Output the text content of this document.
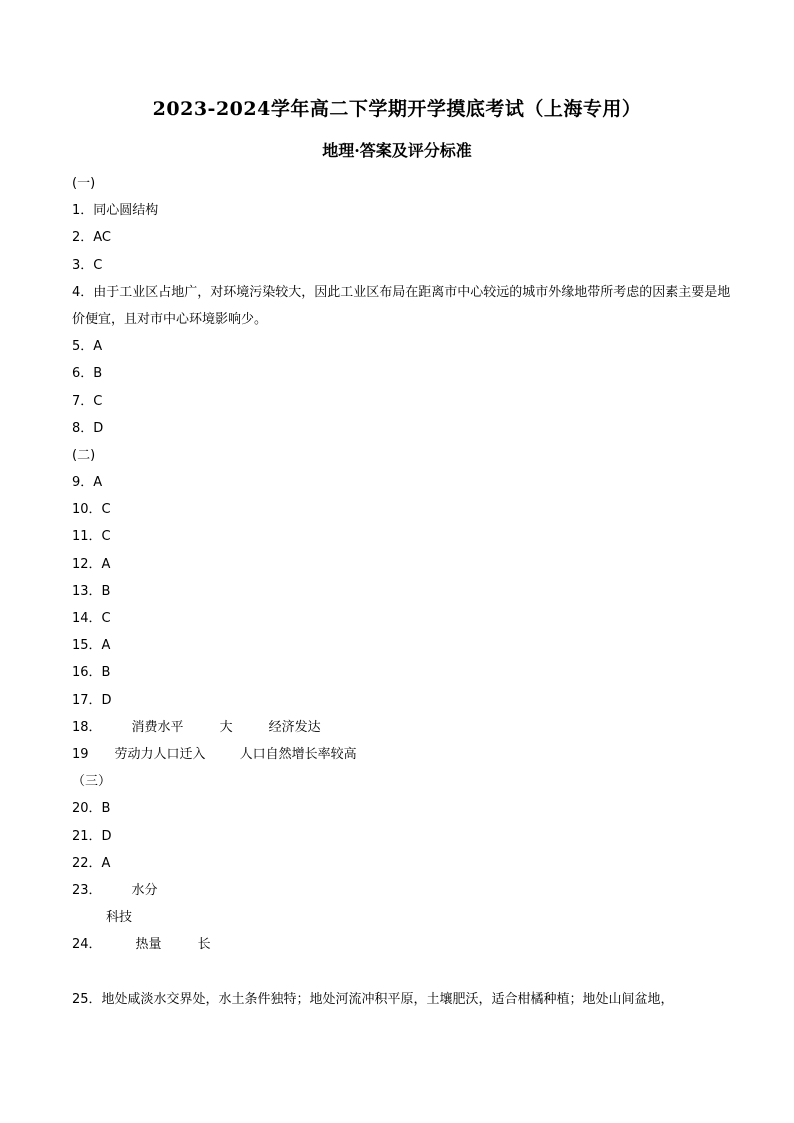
2023-2024学年高二下学期开学摸底考试（上海专用）
地理·答案及评分标准
(一)
1．同心圆结构
2．AC
3．C
4．由于工业区占地广，对环境污染较大，因此工业区布局在距离市中心较远的城市外缘地带所考虑的因素主要是地价便宜，且对市中心环境影响少。
5．A
6．B
7．C
8．D
(二)
9．A
10．C
11．C
12．A
13．B
14．C
15．A
16．B
17．D
18． 消费水平	大	经济发达
19 劳动力人口迁入	人口自然增长率较高
（三）
20．B
21．D
22．A
23． 水分
科技
24．	热量	长
25．地处咸淡水交界处，水土条件独特；地处河流冲积平原，土壤肥沃，适合柑橘种植；地处山间盆地，
